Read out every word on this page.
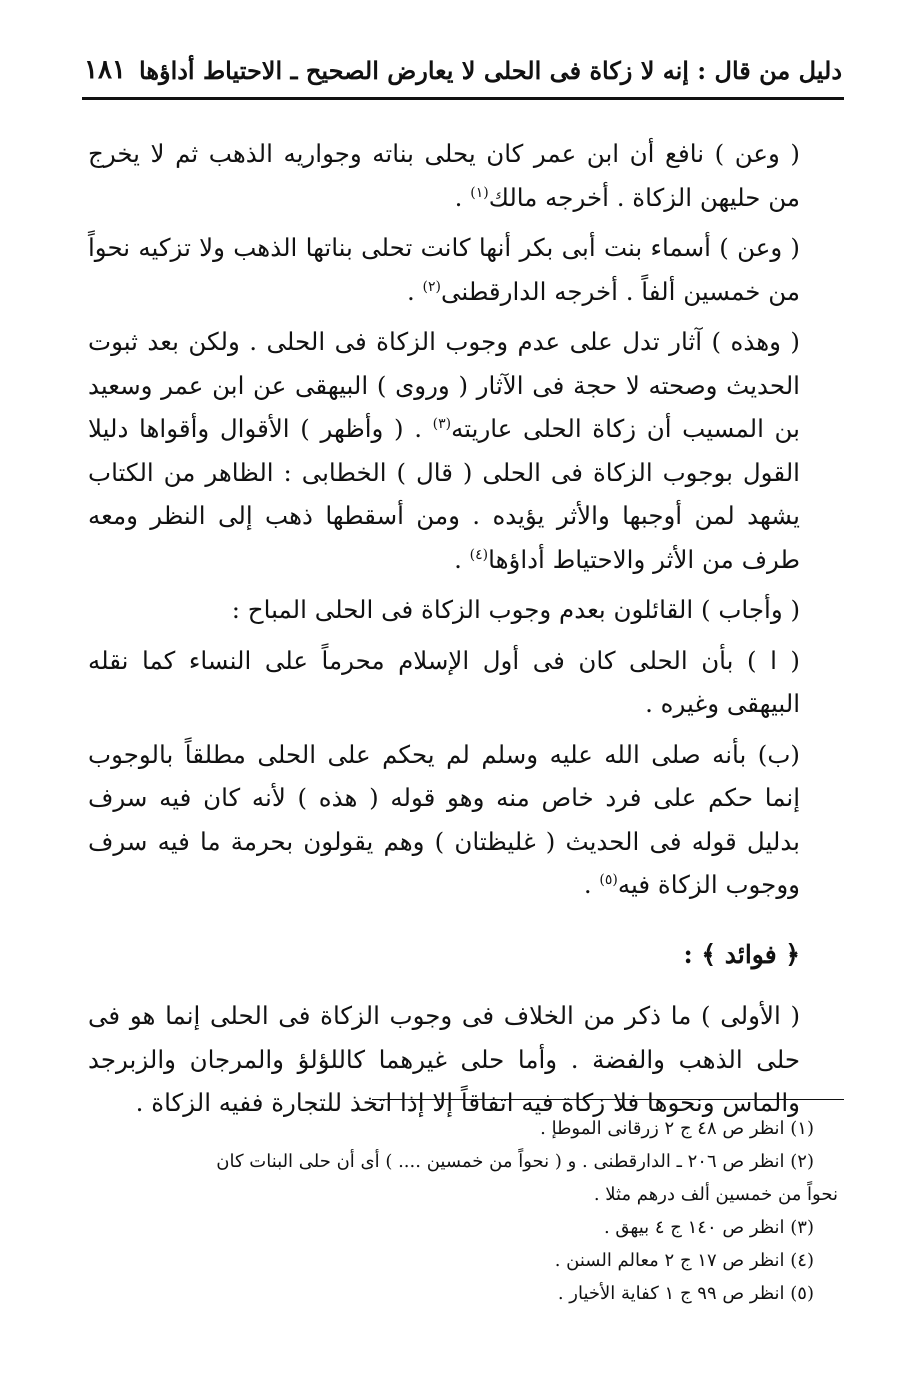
دليل من قال : إنه لا زكاة فى الحلى لا يعارض الصحيح ـ الاحتياط أداؤها
١٨١

( وعن ) نافع أن ابن عمر كان يحلى بناته وجواريه الذهب ثم لا يخرج من حليهن الزكاة . أخرجه مالك$^{(١)}$ .

( وعن ) أسماء بنت أبى بكر أنها كانت تحلى بناتها الذهب ولا تزكيه نحواً من خمسين ألفاً . أخرجه الدارقطنى$^{(٢)}$ .

( وهذه ) آثار تدل على عدم وجوب الزكاة فى الحلى . ولكن بعد ثبوت الحديث وصحته لا حجة فى الآثار ( وروى ) البيهقى عن ابن عمر وسعيد بن المسيب أن زكاة الحلى عاريته$^{(٣)}$ . ( وأظهر ) الأقوال وأقواها دليلا القول بوجوب الزكاة فى الحلى ( قال ) الخطابى : الظاهر من الكتاب يشهد لمن أوجبها والأثر يؤيده . ومن أسقطها ذهب إلى النظر ومعه طرف من الأثر والاحتياط أداؤها$^{(٤)}$ .

( وأجاب ) القائلون بعدم وجوب الزكاة فى الحلى المباح :

( ا ) بأن الحلى كان فى أول الإسلام محرماً على النساء كما نقله البيهقى وغيره .

(ب) بأنه صلى الله عليه وسلم لم يحكم على الحلى مطلقاً بالوجوب إنما حكم على فرد خاص منه وهو قوله ( هذه ) لأنه كان فيه سرف بدليل قوله فى الحديث ( غليظتان ) وهم يقولون بحرمة ما فيه سرف ووجوب الزكاة فيه$^{(٥)}$ .

﴿ فوائد ﴾ :

( الأولى ) ما ذكر من الخلاف فى وجوب الزكاة فى الحلى إنما هو فى حلى الذهب والفضة . وأما حلى غيرهما كاللؤلؤ والمرجان والزبرجد والماس ونحوها فلا زكاة فيه اتفاقاً إلا إذا اتخذ للتجارة ففيه الزكاة .

(١) انظر ص ٤٨ ج ٢ زرقانى الموطإ .

(٢) انظر ص ٢٠٦ ـ الدارقطنى . و ( نحواً من خمسين .... ) أى أن حلى البنات كان

نحواً من خمسين ألف درهم مثلا .

(٣) انظر ص ١٤٠ ج ٤ بيهق .

(٤) انظر ص ١٧ ج ٢ معالم السنن .

(٥) انظر ص ٩٩ ج ١ كفاية الأخيار .
